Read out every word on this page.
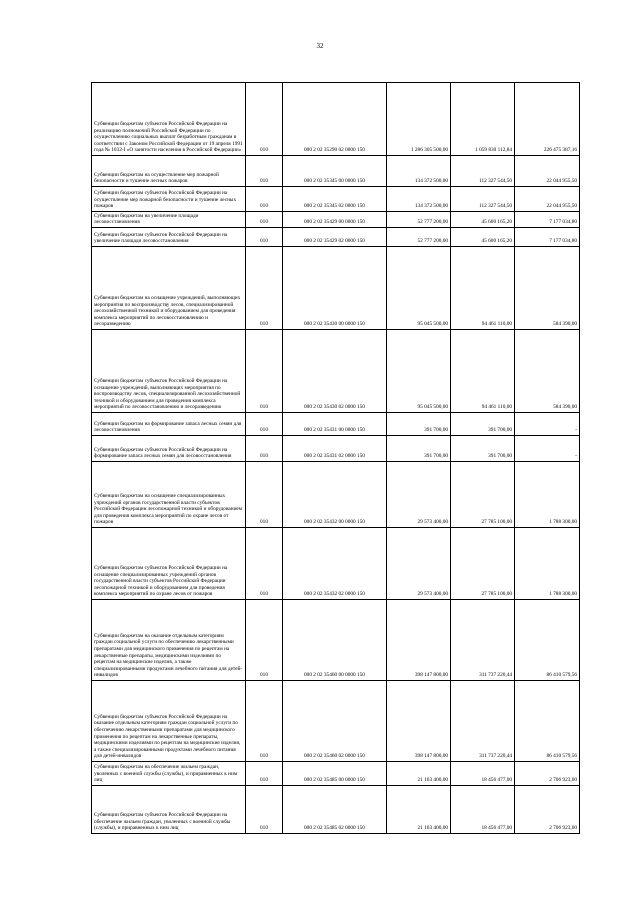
32
Субвенции бюджетам субъектов Российской Федерации на реализацию полномочий Российской Федерации по осуществлению социальных выплат безработным гражданам в соответствии с Законом Российской Федерации от 19 апреля 1991 года № 1032-I «О занятости населения в Российской Федерации»	010	000 2 02 35290 02 0000 150	1 286 305 500,00	1 059 830 112,84	226 475 387,16
Субвенции бюджетам на осуществление мер пожарной безопасности и тушение лесных пожаров	010	000 2 02 35345 00 0000 150	134 372 500,00	112 327 544,50	22 044 955,50
Субвенции бюджетам субъектов Российской Федерации на осуществление мер пожарной безопасности и тушение лесных пожаров	010	000 2 02 35345 02 0000 150	134 372 500,00	112 327 544,50	22 044 955,50
Субвенции бюджетам на увеличение площади лесовосстановления	010	000 2 02 35429 00 0000 150	52 777 200,00	45 600 165,20	7 177 034,80
Субвенции бюджетам субъектов Российской Федерации на увеличение площади лесовосстановления	010	000 2 02 35429 02 0000 150	52 777 200,00	45 600 165,20	7 177 034,80
Субвенции бюджетам на оснащение учреждений, выполняющих мероприятия по воспроизводству лесов, специализированной лесохозяйственной техникой и оборудованием для проведения комплекса мероприятий по лесовосстановлению и лесоразведению	010	000 2 02 35430 00 0000 150	95 045 500,00	94 461 110,00	584 390,00
Субвенции бюджетам субъектов Российской Федерации на оснащение учреждений, выполняющих мероприятия по воспроизводству лесов, специализированной лесохозяйственной техникой и оборудованием для проведения комплекса мероприятий по лесовосстановлению и лесоразведению	010	000 2 02 35430 02 0000 150	95 045 500,00	94 461 110,00	584 390,00
Субвенции бюджетам на формирование запаса лесных семян для лесовосстановления	010	000 2 02 35431 00 0000 150	391 700,00	391 700,00	-
Субвенции бюджетам субъектов Российской Федерации на формирование запаса лесных семян для лесовосстановления	010	000 2 02 35431 02 0000 150	391 700,00	391 700,00	-
Субвенции бюджетам на оснащение специализированных учреждений органов государственной власти субъектов Российской Федерации лесопожарной техникой и оборудованием для проведения комплекса мероприятий по охране лесов от пожаров	010	000 2 02 35432 00 0000 150	29 573 400,00	27 785 100,00	1 788 300,00
Субвенции бюджетам субъектов Российской Федерации на оснащение специализированных учреждений органов государственной власти субъектов Российской Федерации лесопожарной техникой и оборудованием для проведения комплекса мероприятий по охране лесов от пожаров	010	000 2 02 35432 02 0000 150	29 573 400,00	27 785 100,00	1 788 300,00
Субвенции бюджетам на оказание отдельным категориям граждан социальной услуги по обеспечению лекарственными препаратами для медицинского применения по рецептам на лекарственные препараты, медицинскими изделиями по рецептам на медицинские изделия, а также специализированными продуктами лечебного питания для детей-инвалидов	010	000 2 02 35460 00 0000 150	398 147 800,00	311 737 220,44	86 410 579,56
Субвенции бюджетам субъектов Российской Федерации на оказание отдельным категориям граждан социальной услуги по обеспечению лекарственными препаратами для медицинского применения по рецептам на лекарственные препараты, медицинскими изделиями по рецептам на медицинские изделия, а также специализированными продуктами лечебного питания для детей-инвалидов	010	000 2 02 35460 02 0000 150	398 147 800,00	311 737 220,44	86 410 579,56
Субвенции бюджетам на обеспечение жильем граждан, уволенных с военной службы (службы), и приравненных к ним лиц	010	000 2 02 35485 00 0000 150	21 163 400,00	18 456 477,00	2 706 923,00
Субвенции бюджетам субъектов Российской Федерации на обеспечение жильем граждан, уволенных с военной службы (службы), и приравненных к ним лиц	010	000 2 02 35485 02 0000 150	21 163 400,00	18 456 477,00	2 706 923,00
